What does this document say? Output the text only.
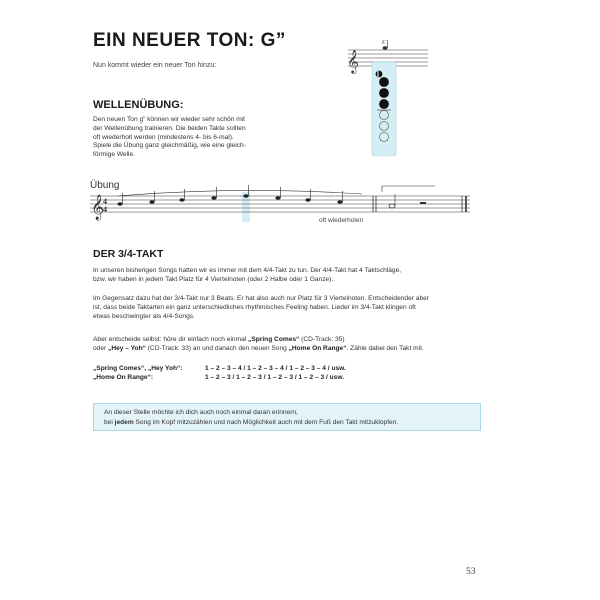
EIN NEUER TON: G”
Nun kommt wieder ein neuer Ton hinzu:	𝄞
g”
WELLENÜBUNG:
Den neuen Ton g” können wir wieder sehr schön mit
der Wellenübung trainieren. Die beiden Takte sollten
oft wiederholt werden (mindestens 4- bis 6-mal).
Spiele die Übung ganz gleichmäßig, wie eine gleich-
förmige Welle.
𝄞
4
4
Übung
oft wiederholen
DER 3/4-TAKT
In unseren bisherigen Songs hatten wir es immer mit dem 4/4-Takt zu tun. Der 4/4-Takt hat 4 Taktschläge,
bzw. wir haben in jedem Takt Platz für 4 Viertelnoten (oder 2 Halbe oder 1 Ganze).
Im Gegensatz dazu hat der 3/4-Takt nur 3 Beats. Er hat also auch nur Platz für 3 Viertelnoten. Entscheidender aber
ist, dass beide Taktarten ein ganz unterschiedliches rhythmisches Feeling haben. Lieder im 3/4-Takt klingen oft
etwas beschwingter als 4/4-Songs.
Aber entscheide selbst: höre dir einfach noch einmal „Spring Comes“ (CD-Track: 35)
oder „Hey – Yoh“ (CD-Track: 33) an und danach den neuen Song „Home On Range“. Zähle dabei den Takt mit.
„Spring Comes“, „Hey Yoh“:	1 – 2 – 3 – 4 / 1 – 2 – 3 – 4 / 1 – 2 – 3 – 4 / usw.
„Home On Range“:	1 – 2 – 3 / 1 – 2 – 3 / 1 – 2 – 3 / 1 – 2 – 3 / usw.
An dieser Stelle möchte ich dich auch noch einmal daran erinnern,
bei jedem Song im Kopf mitzuzählen und nach Möglichkeit auch mit dem Fuß den Takt mitzuklopfen.
53
